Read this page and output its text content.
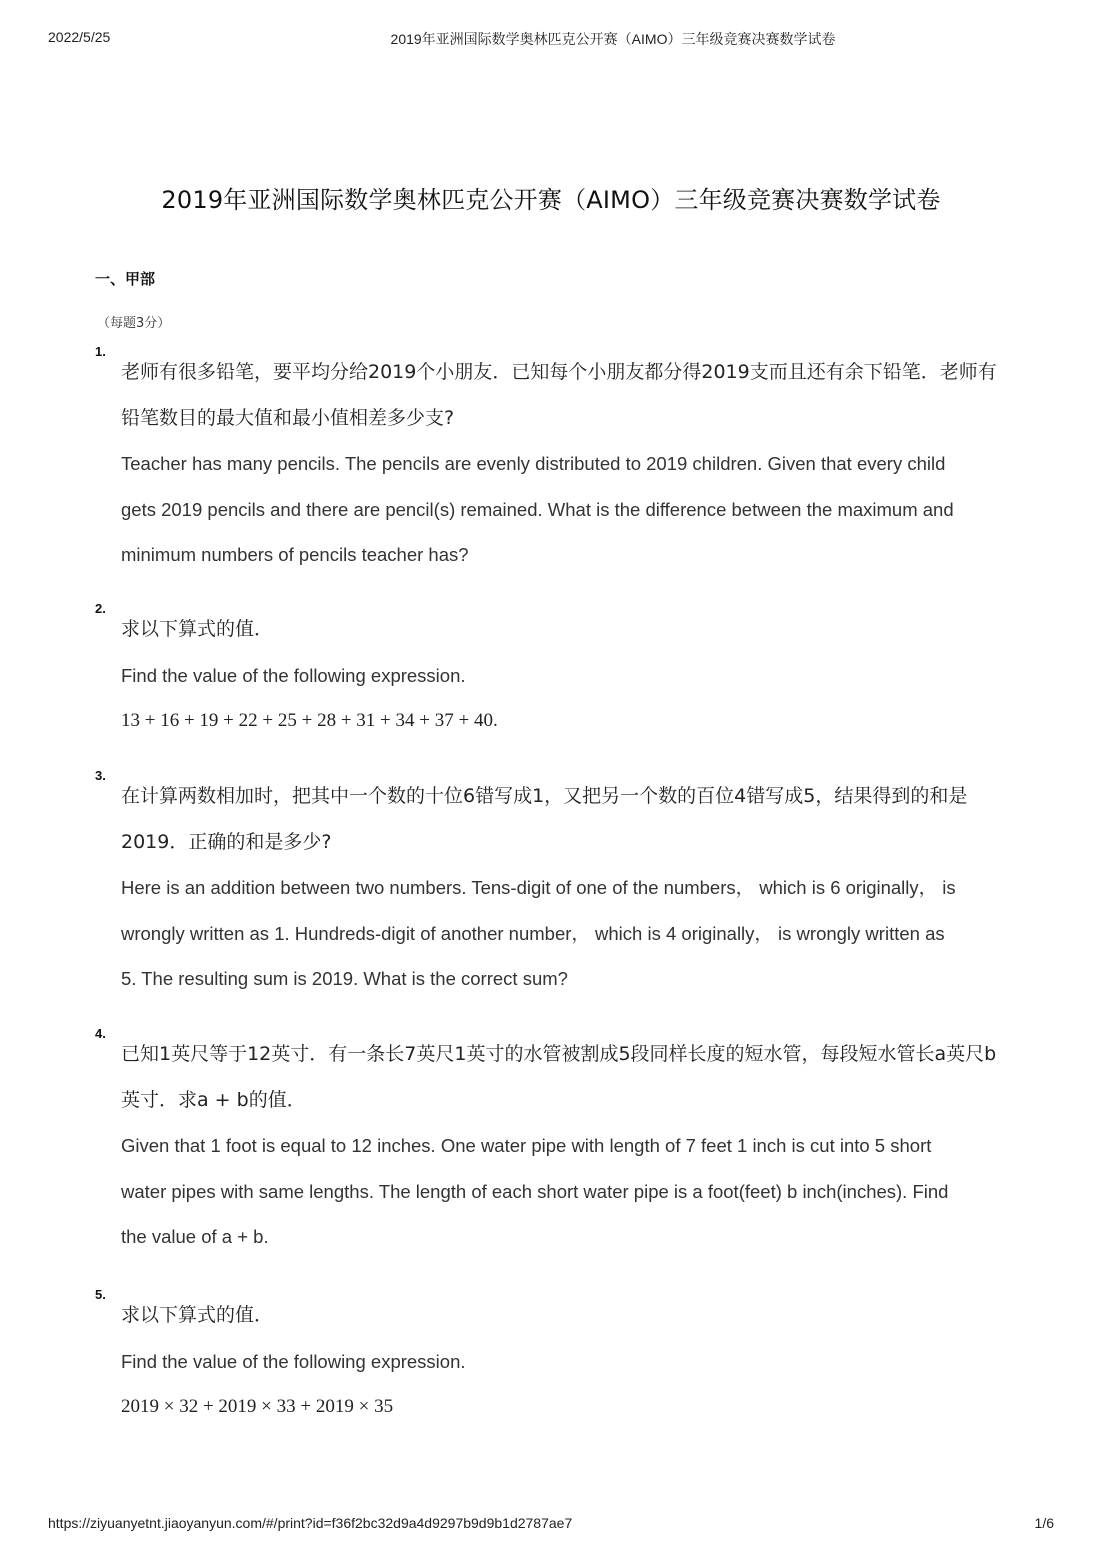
2022/5/25	2019年亚洲国际数学奥林匹克公开赛（AIMO）三年级竞赛决赛数学试卷
2019年亚洲国际数学奥林匹克公开赛（AIMO）三年级竞赛决赛数学试卷
一、甲部
（每题3分）
1.
老师有很多铅笔，要平均分给2019个小朋友．已知每个小朋友都分得2019支而且还有余下铅笔．老师有
铅笔数目的最大值和最小值相差多少支?
Teacher has many pencils. The pencils are evenly distributed to 2019 children. Given that every child
gets 2019 pencils and there are pencil(s) remained. What is the difference between the maximum and
minimum numbers of pencils teacher has?
2.
求以下算式的值．
Find the value of the following expression.
13 + 16 + 19 + 22 + 25 + 28 + 31 + 34 + 37 + 40.
3.
在计算两数相加时，把其中一个数的十位6错写成1，又把另一个数的百位4错写成5，结果得到的和是
2019．正确的和是多少?
Here is an addition between two numbers. Tens-digit of one of the numbers， which is 6 originally， is
wrongly written as 1. Hundreds-digit of another number， which is 4 originally， is wrongly written as
5. The resulting sum is 2019. What is the correct sum?
4.
已知1英尺等于12英寸．有一条长7英尺1英寸的水管被割成5段同样长度的短水管，每段短水管长a英尺b
英寸．求a + b的值．
Given that 1 foot is equal to 12 inches. One water pipe with length of 7 feet 1 inch is cut into 5 short
water pipes with same lengths. The length of each short water pipe is a foot(feet) b inch(inches). Find
the value of a + b.
5.
求以下算式的值．
Find the value of the following expression.
2019 × 32 + 2019 × 33 + 2019 × 35
https://ziyuanyetnt.jiaoyanyun.com/#/print?id=f36f2bc32d9a4d9297b9d9b1d2787ae7	1/6
